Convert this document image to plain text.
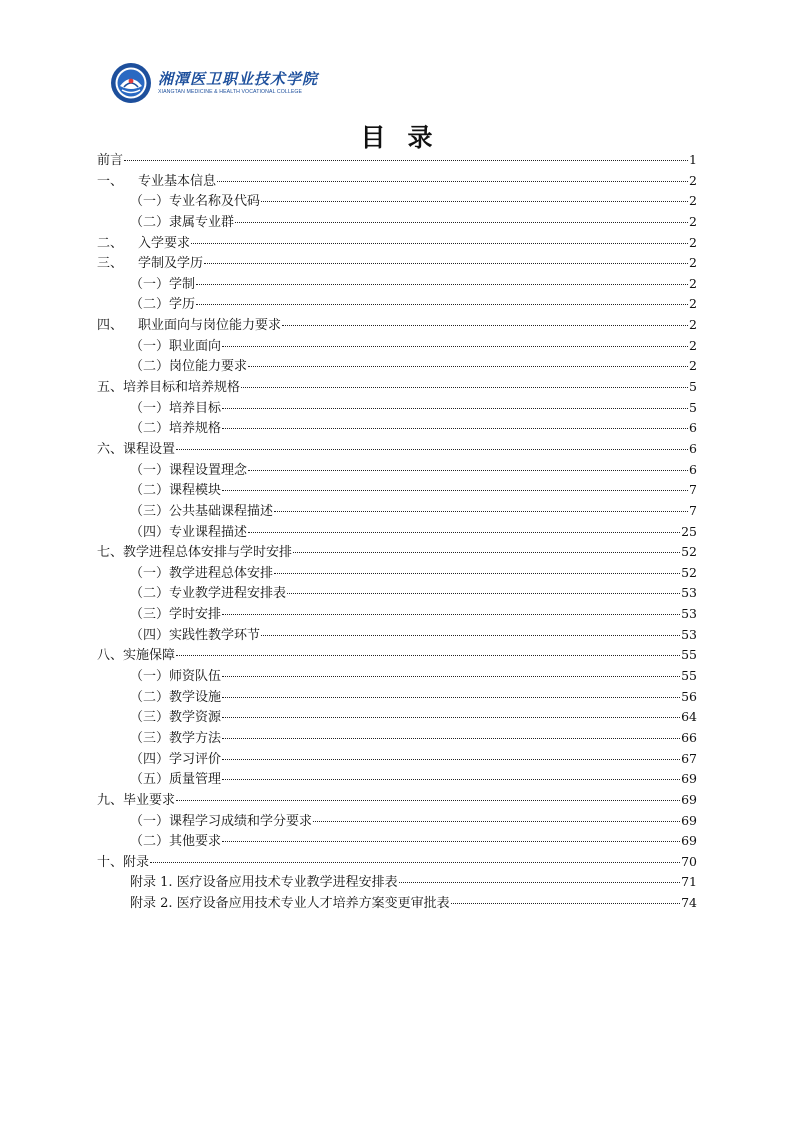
湘潭医卫职业技术学院
XIANGTAN MEDICINE & HEALTH VOCATIONAL COLLEGE
目录
前言	1
一、 专业基本信息	2
（一）专业名称及代码	2
（二）隶属专业群	2
二、 入学要求	2
三、 学制及学历	2
（一）学制	2
（二）学历	2
四、 职业面向与岗位能力要求	2
（一）职业面向	2
（二）岗位能力要求	2
五、培养目标和培养规格	5
（一）培养目标	5
（二）培养规格	6
六、课程设置	6
（一）课程设置理念	6
（二）课程模块	7
（三）公共基础课程描述	7
（四）专业课程描述	25
七、教学进程总体安排与学时安排	52
（一）教学进程总体安排	52
（二）专业教学进程安排表	53
（三）学时安排	53
（四）实践性教学环节	53
八、实施保障	55
（一）师资队伍	55
（二）教学设施	56
（三）教学资源	64
（三）教学方法	66
（四）学习评价	67
（五）质量管理	69
九、毕业要求	69
（一）课程学习成绩和学分要求	69
（二）其他要求	69
十、附录	70
附录 1. 医疗设备应用技术专业教学进程安排表	71
附录 2. 医疗设备应用技术专业人才培养方案变更审批表	74
